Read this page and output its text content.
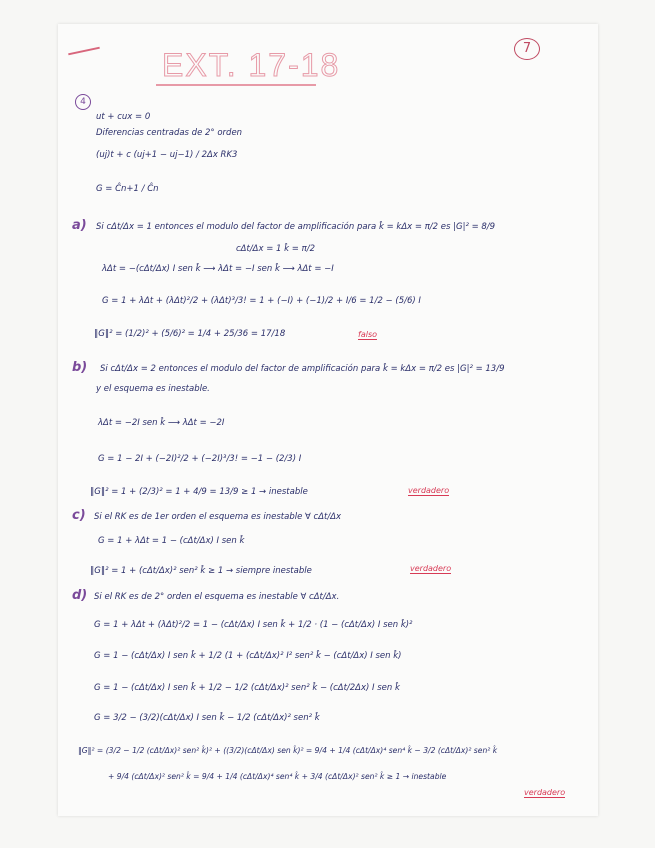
EXT. 17-18	7
4
ut + cux = 0
Diferencias centradas de 2° orden
(uj)t + c (uj+1 − uj−1) / 2Δx RK3
G = Ĉn+1 / Ĉn
a) Si cΔt/Δx = 1 entonces el modulo del factor de amplificación para k̂ = kΔx = π/2 es |G|² = 8/9
cΔt/Δx = 1 k̂ = π/2
λΔt = −(cΔt/Δx) I sen k̂ ⟶ λΔt = −I sen k̂ ⟶ λΔt = −I
G = 1 + λΔt + (λΔt)²/2 + (λΔt)³/3! = 1 + (−I) + (−1)/2 + I/6 = 1/2 − (5/6) I
‖G‖² = (1/2)² + (5/6)² = 1/4 + 25/36 = 17/18	falso
b) Si cΔt/Δx = 2 entonces el modulo del factor de amplificación para k̂ = kΔx = π/2 es |G|² = 13/9
y el esquema es inestable.
λΔt = −2I sen k̂ ⟶ λΔt = −2I
G = 1 − 2I + (−2I)²/2 + (−2I)³/3! = −1 − (2/3) I
‖G‖² = 1 + (2/3)² = 1 + 4/9 = 13/9 ≥ 1 → inestable	verdadero
c) Si el RK es de 1er orden el esquema es inestable ∀ cΔt/Δx
G = 1 + λΔt = 1 − (cΔt/Δx) I sen k̂
‖G‖² = 1 + (cΔt/Δx)² sen² k̂ ≥ 1 → siempre inestable	verdadero
d) Si el RK es de 2° orden el esquema es inestable ∀ cΔt/Δx.
G = 1 + λΔt + (λΔt)²/2 = 1 − (cΔt/Δx) I sen k̂ + 1/2 · (1 − (cΔt/Δx) I sen k̂)²
G = 1 − (cΔt/Δx) I sen k̂ + 1/2 (1 + (cΔt/Δx)² I² sen² k̂ − (cΔt/Δx) I sen k̂)
G = 1 − (cΔt/Δx) I sen k̂ + 1/2 − 1/2 (cΔt/Δx)² sen² k̂ − (cΔt/2Δx) I sen k̂
G = 3/2 − (3/2)(cΔt/Δx) I sen k̂ − 1/2 (cΔt/Δx)² sen² k̂
‖G‖² = (3/2 − 1/2 (cΔt/Δx)² sen² k̂)² + ((3/2)(cΔt/Δx) sen k̂)² = 9/4 + 1/4 (cΔt/Δx)⁴ sen⁴ k̂ − 3/2 (cΔt/Δx)² sen² k̂
+ 9/4 (cΔt/Δx)² sen² k̂ = 9/4 + 1/4 (cΔt/Δx)⁴ sen⁴ k̂ + 3/4 (cΔt/Δx)² sen² k̂ ≥ 1 → inestable
verdadero
